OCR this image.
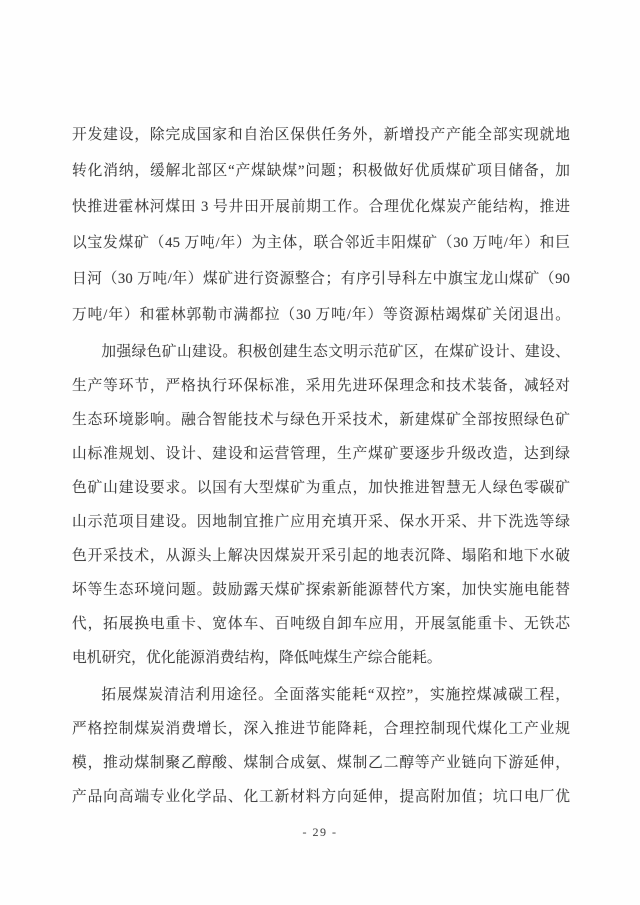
开发建设，除完成国家和自治区保供任务外，新增投产产能全部实现就地
转化消纳，缓解北部区“产煤缺煤”问题；积极做好优质煤矿项目储备，加
快推进霍林河煤田 3 号井田开展前期工作。合理优化煤炭产能结构，推进
以宝发煤矿（45 万吨/年）为主体，联合邻近丰阳煤矿（30 万吨/年）和巨
日河（30 万吨/年）煤矿进行资源整合；有序引导科左中旗宝龙山煤矿（90
万吨/年）和霍林郭勒市满都拉（30 万吨/年）等资源枯竭煤矿关闭退出。
加强绿色矿山建设。积极创建生态文明示范矿区，在煤矿设计、建设、
生产等环节，严格执行环保标准，采用先进环保理念和技术装备，减轻对
生态环境影响。融合智能技术与绿色开采技术，新建煤矿全部按照绿色矿
山标准规划、设计、建设和运营管理，生产煤矿要逐步升级改造，达到绿
色矿山建设要求。以国有大型煤矿为重点，加快推进智慧无人绿色零碳矿
山示范项目建设。因地制宜推广应用充填开采、保水开采、井下洗选等绿
色开采技术，从源头上解决因煤炭开采引起的地表沉降、塌陷和地下水破
坏等生态环境问题。鼓励露天煤矿探索新能源替代方案，加快实施电能替
代，拓展换电重卡、宽体车、百吨级自卸车应用，开展氢能重卡、无铁芯
电机研究，优化能源消费结构，降低吨煤生产综合能耗。
拓展煤炭清洁利用途径。全面落实能耗“双控”，实施控煤减碳工程，
严格控制煤炭消费增长，深入推进节能降耗，合理控制现代煤化工产业规
模，推动煤制聚乙醇酸、煤制合成氨、煤制乙二醇等产业链向下游延伸，
产品向高端专业化学品、化工新材料方向延伸，提高附加值；坑口电厂优
- 29 -
